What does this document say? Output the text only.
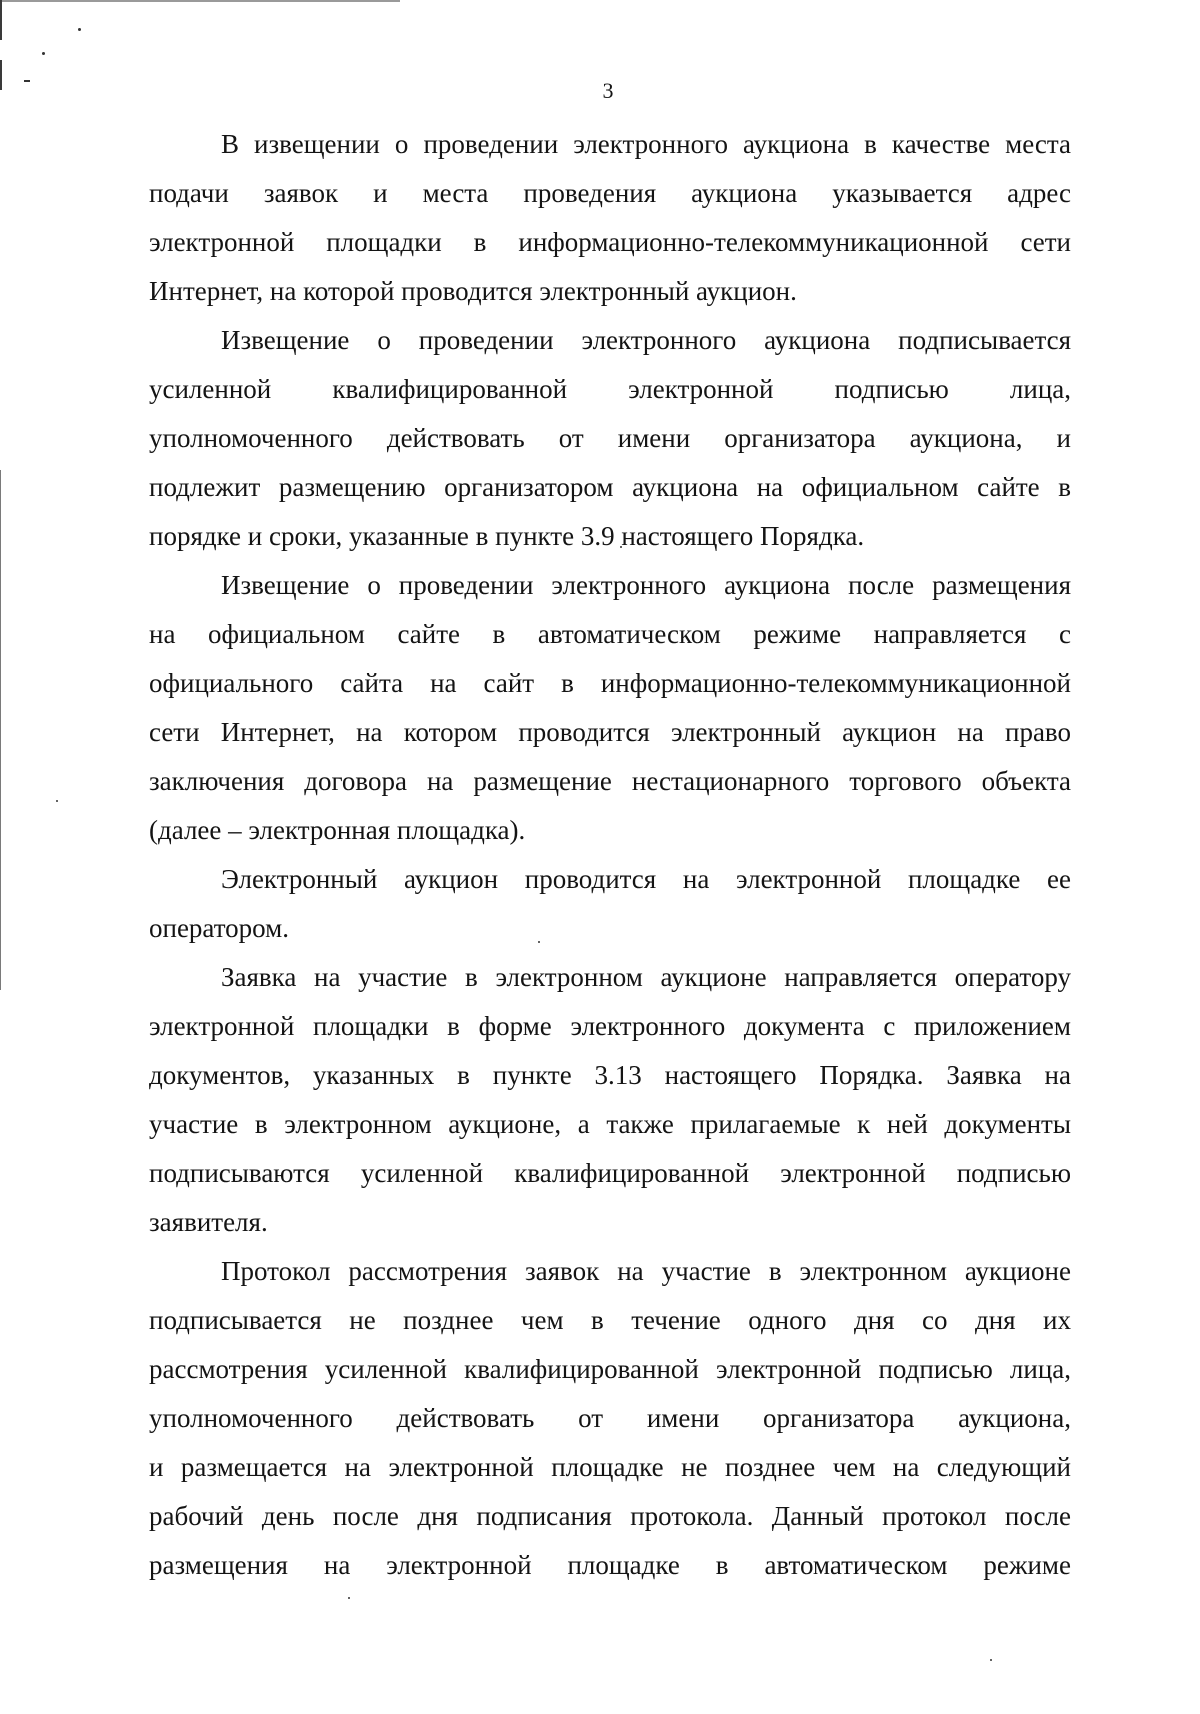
3
В извещении о проведении электронного аукциона в качестве места
подачи заявок и места проведения аукциона указывается адрес
электронной площадки в информационно-телекоммуникационной сети
Интернет, на которой проводится электронный аукцион.
Извещение о проведении электронного аукциона подписывается
усиленной квалифицированной электронной подписью лица,
уполномоченного действовать от имени организатора аукциона, и
подлежит размещению организатором аукциона на официальном сайте в
порядке и сроки, указанные в пункте 3.9 настоящего Порядка.
Извещение о проведении электронного аукциона после размещения
на официальном сайте в автоматическом режиме направляется с
официального сайта на сайт в информационно-телекоммуникационной
сети Интернет, на котором проводится электронный аукцион на право
заключения договора на размещение нестационарного торгового объекта
(далее – электронная площадка).
Электронный аукцион проводится на электронной площадке ее
оператором.
Заявка на участие в электронном аукционе направляется оператору
электронной площадки в форме электронного документа с приложением
документов, указанных в пункте 3.13 настоящего Порядка. Заявка на
участие в электронном аукционе, а также прилагаемые к ней документы
подписываются усиленной квалифицированной электронной подписью
заявителя.
Протокол рассмотрения заявок на участие в электронном аукционе
подписывается не позднее чем в течение одного дня со дня их
рассмотрения усиленной квалифицированной электронной подписью лица,
уполномоченного действовать от имени организатора аукциона,
и размещается на электронной площадке не позднее чем на следующий
рабочий день после дня подписания протокола. Данный протокол после
размещения на электронной площадке в автоматическом режиме
